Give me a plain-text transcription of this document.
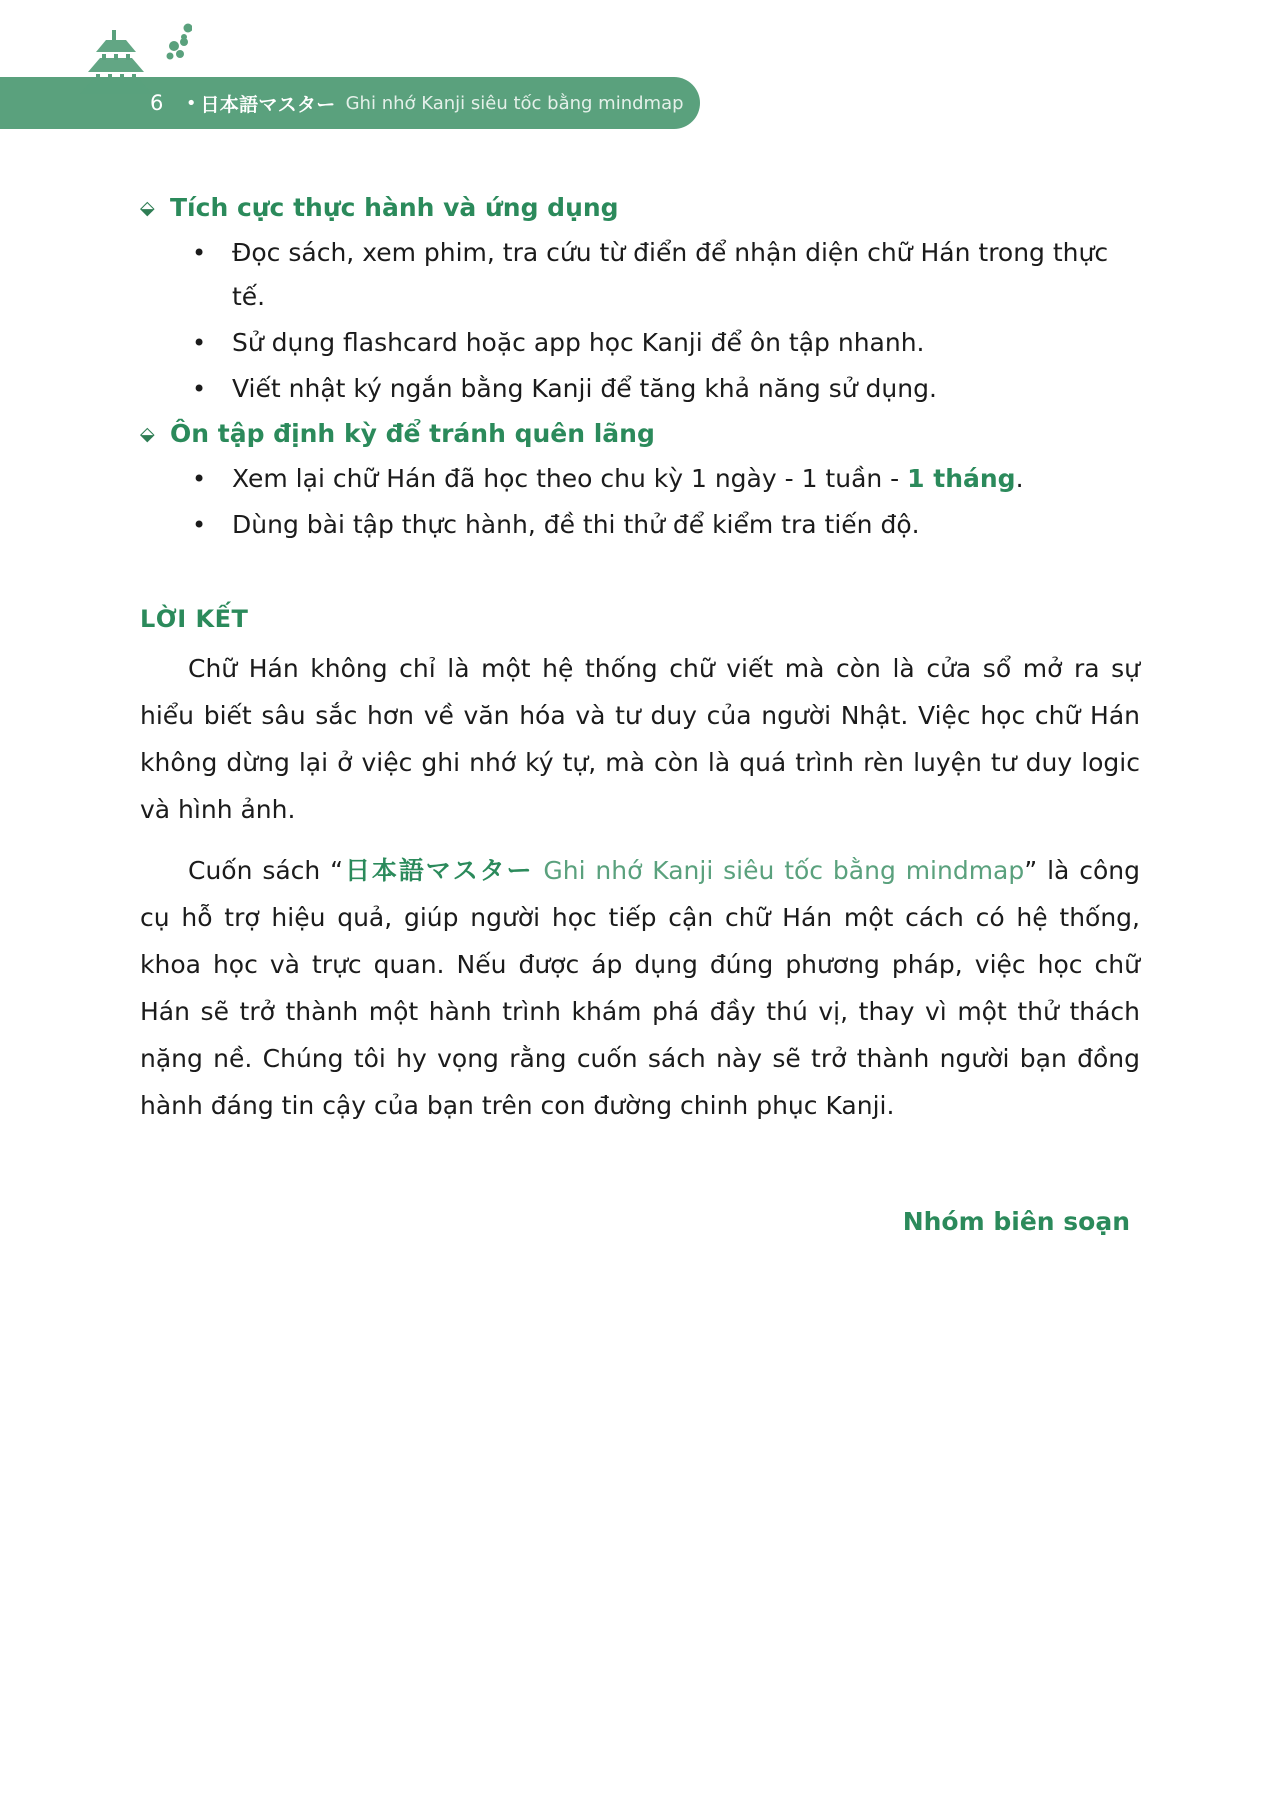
6 • 日本語マスター Ghi nhớ Kanji siêu tốc bằng mindmap
⬙ Tích cực thực hành và ứng dụng
• Đọc sách, xem phim, tra cứu từ điển để nhận diện chữ Hán trong thực tế.
• Sử dụng flashcard hoặc app học Kanji để ôn tập nhanh.
• Viết nhật ký ngắn bằng Kanji để tăng khả năng sử dụng.
⬙ Ôn tập định kỳ để tránh quên lãng
• Xem lại chữ Hán đã học theo chu kỳ 1 ngày - 1 tuần - 1 tháng.
• Dùng bài tập thực hành, đề thi thử để kiểm tra tiến độ.
LỜI KẾT

Chữ Hán không chỉ là một hệ thống chữ viết mà còn là cửa sổ mở ra sự hiểu biết sâu sắc hơn về văn hóa và tư duy của người Nhật. Việc học chữ Hán không dừng lại ở việc ghi nhớ ký tự, mà còn là quá trình rèn luyện tư duy logic và hình ảnh.

Cuốn sách “日本語マスター Ghi nhớ Kanji siêu tốc bằng mindmap” là công cụ hỗ trợ hiệu quả, giúp người học tiếp cận chữ Hán một cách có hệ thống, khoa học và trực quan. Nếu được áp dụng đúng phương pháp, việc học chữ Hán sẽ trở thành một hành trình khám phá đầy thú vị, thay vì một thử thách nặng nề. Chúng tôi hy vọng rằng cuốn sách này sẽ trở thành người bạn đồng hành đáng tin cậy của bạn trên con đường chinh phục Kanji.

Nhóm biên soạn
